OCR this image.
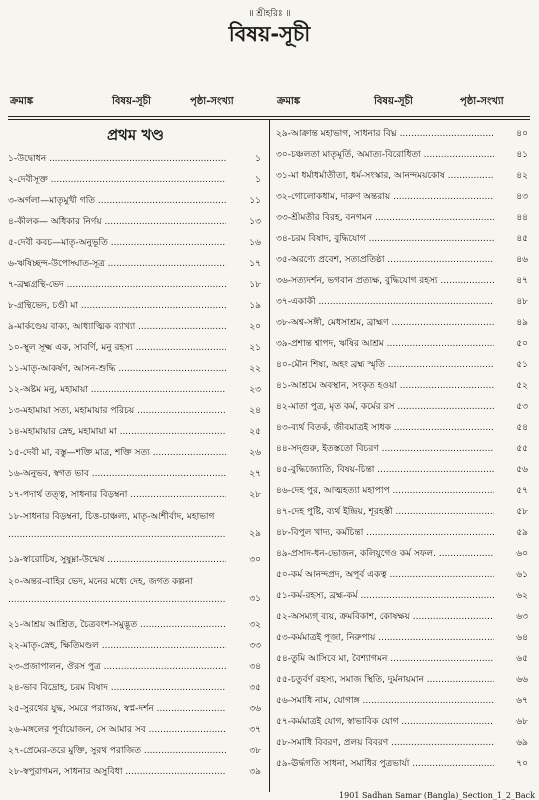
॥ শ্রীহরিঃ ॥
বিষয়-সূচী
ক্রমাঙ্ক	বিষয়-সূচী	পৃষ্ঠা-সংখ্যা	ক্রমাঙ্ক	বিষয়-সূচী	পৃষ্ঠা-সংখ্যা
প্রথম খণ্ড
১-উদ্বোধন .....	১
২-দেবীসূক্ত .....	১
৩-অর্গলা—মাতৃমুখী গতি .....	১১
৪-কীলক— অধিকার নির্ণয় .....	১৩
৫-দেবী কবচ—মাতৃ-অনুভূতি .....	১৬
৬-ঋষিচ্ছন্দ-উপোদ্ঘাত-সূত্র .....	১৭
৭-ব্রহ্মগ্রন্থি-ভেদ .....	১৮
৮-গ্রন্থিভেদ, চণ্ডী মা .....	১৯
৯-মার্কণ্ডেয় বাক্য, আধ্যাত্মিক ব্যাখ্যা .....	২০
১০-স্থূল সূক্ষ্ম এক, সাবর্ণি, মনু রহস্য .....	২১
১১-মাতৃ-আকর্ষণ, আসন-শুদ্ধি .....	২২
১২-অষ্টম মনু, মহামায়া .....	২৩
১৩-মহামায়া সত্য, মহামায়ার পরিচয় .....	২৪
১৪-মহামায়ার স্নেহ, মহামায়া মা .....	২৫
১৫-দেবী মা, বস্তু—শক্তি মাত্র, শক্তি সত্য .....	২৬
১৬-অনুভব, স্বগত ভাব .....	২৭
১৭-পদার্থ তত্ত্ব, সাধনার বিড়ম্বনা .....	২৮
১৮-সাধনার বিড়ম্বনা, চিত্ত-চাঞ্চল্য, মাতৃ-আশীর্বাদ, মহাভাগ .....
২৯
১৯-স্বারোচিষ, সুষুম্না-উন্মেষ .....	৩০
২০-অন্তর-বাহির ভেদ, মনের মধ্যে দেহ, জগত কল্পনা .....
৩১
২১-আশ্রয় আশ্রিত, চৈত্রবংশ-সমুদ্ভূত .....	৩২
২২-মাতৃ-স্নেহ, ক্ষিতিমণ্ডল .....	৩৩
২৩-প্রজাপালন, ঔরস পুত্র .....	৩৪
২৪-ভাব বিদ্রোহ, চরম বিষাদ .....	৩৫
২৫-সুরথের যুদ্ধ, সমরে পরাজয়, স্বপ্ন-দর্শন .....	৩৬
২৬-মঙ্গলের পূর্বায়োজন, সে আমার সব .....	৩৭
২৭-প্রেমের-তরে মুক্তি, সুরথ পরাজিত .....	৩৮
২৮-স্বপুরাগমন, সাধনার অসুবিধা .....	৩৯
২৯-আক্রান্ত মহাভাগ, সাধনার বিঘ্ন .....	৪০
৩০-চঞ্চলতা মাতৃমূর্তি, অমাত্য-বিরোধিতা .....	৪১
৩১-মা ধর্মাধর্মাতীতা, ধর্ম-সংস্কার, আনন্দময়কোষ .....	৪২
৩২-গোলোকধাম, দারুণ অন্তরায় .....	৪৩
৩৩-শ্রীমতীর বিরহ, বনগমন .....	৪৪
৩৪-চরম বিষাদ, বুদ্ধিযোগ .....	৪৫
৩৫-অরণ্যে প্রবেশ, সত্যপ্রতিষ্ঠা .....	৪৬
৩৬-সত্যদর্শন, ভগবান প্রত্যক্ষ, বুদ্ধিযোগ রহস্য .....	৪৭
৩৭-একাকী .....	৪৮
৩৮-অশ্ব-সঙ্গী, মেধসাশ্রম, ব্রাহ্মণ .....	৪৯
৩৯-প্রশান্ত শ্বাপদ, ঋষির আশ্রম .....	৫০
৪০-মৌন শিষ্য, অহং ব্রহ্ম স্মৃতি .....	৫১
৪১-আশ্রমে অবস্থান, সংকৃত হওয়া .....	৫২
৪২-মাতা পুত্র, মৃত কর্ম, কর্মের রস .....	৫৩
৪৩-ব্যর্থ বিতর্ক, জীবমাত্রই সাধক .....	৫৪
৪৪-সদ্গুরু, ইতস্ততো বিচরণ .....	৫৫
৪৫-বুদ্ধিজ্যোতি, বিষয়-চিন্তা .....	৫৬
৪৬-দেহ পুর, আত্মহত্যা মহাপাপ .....	৫৭
৪৭-দেহ পুষ্টি, ব্যর্থ ইন্দ্রিয়, শূরহস্তী .....	৫৮
৪৮-বিপুল খাদ্য, কর্মচিন্তা .....	৫৯
৪৯-প্রসাদ-ধন-ভোজন, কলিযুগেও কর্ম সফল. .....	৬০
৫০-কর্ম আনন্দপ্রদ, অপূর্ব একত্ব .....	৬১
৫১-কর্ম-রহস্য, ব্রহ্ম-কর্ম .....	৬২
৫২-অসম্যগ্‌ ব্যয়, ক্রমবিকাশ, কোষক্ষয় .....	৬৩
৫৩-কর্মমাত্রই পূজা, নিরুপায় .....	৬৪
৫৪-তুমি আসিবে মা, বৈশ্যাগমন .....	৬৫
৫৫-চতুর্বর্ণ রহস্য, সমাজ স্থিতি, দুর্মনায়মান .....	৬৬
৫৬-সমাধি নাম, যোগাঙ্গ .....	৬৭
৫৭-কর্মমাত্রই যোগ, স্বাভাবিক যোগ .....	৬৮
৫৮-সমাধি বিবরণ, প্রলয় বিবরণ .....	৬৯
৫৯-ঊর্দ্ধগতি সাধনা, সমাধির পুত্রভার্যা .....	৭০
1901 Sadhan Samar (Bangla)_Section_1_2_Back
